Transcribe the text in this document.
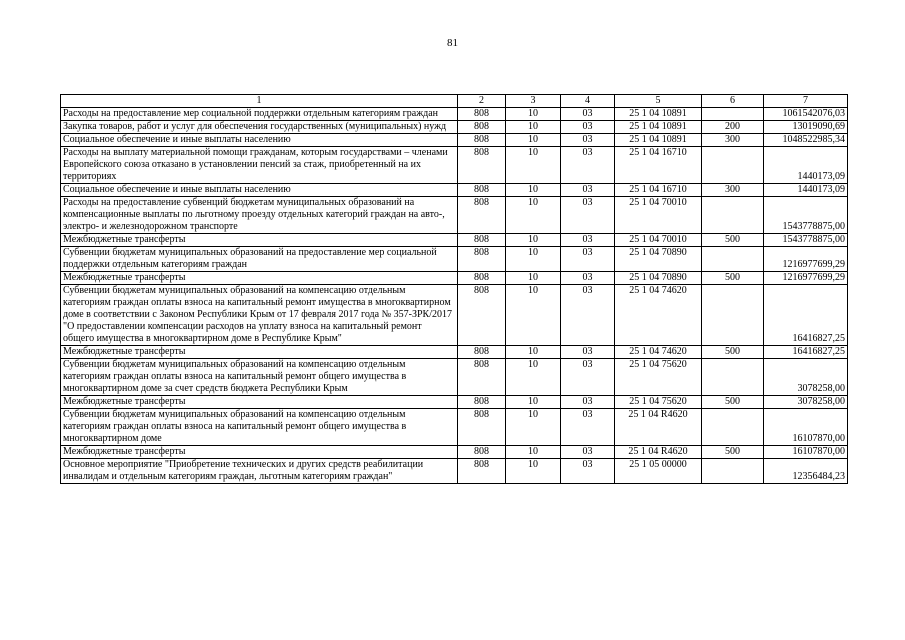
81
1	2	3	4	5	6	7
Расходы на предоставление мер социальной поддержки отдельным категориям граждан	808	10	03	25 1 04 10891		1061542076,03
Закупка товаров, работ и услуг для обеспечения государственных (муниципальных) нужд	808	10	03	25 1 04 10891	200	13019090,69
Социальное обеспечение и иные выплаты населению	808	10	03	25 1 04 10891	300	1048522985,34
Расходы на выплату материальной помощи гражданам, которым государствами – членами Европейского союза отказано в установлении пенсий за стаж, приобретенный на их территориях	808	10	03	25 1 04 16710		1440173,09
Социальное обеспечение и иные выплаты населению	808	10	03	25 1 04 16710	300	1440173,09
Расходы на предоставление субвенций бюджетам муниципальных образований на компенсационные выплаты по льготному проезду отдельных категорий граждан на авто-, электро- и железнодорожном транспорте	808	10	03	25 1 04 70010		1543778875,00
Межбюджетные трансферты	808	10	03	25 1 04 70010	500	1543778875,00
Субвенции бюджетам муниципальных образований на предоставление мер социальной поддержки отдельным категориям граждан	808	10	03	25 1 04 70890		1216977699,29
Межбюджетные трансферты	808	10	03	25 1 04 70890	500	1216977699,29
Субвенции бюджетам муниципальных образований на компенсацию отдельным категориям граждан оплаты взноса на капитальный ремонт имущества в многоквартирном доме в соответствии с Законом Республики Крым от 17 февраля 2017 года № 357-ЗРК/2017 "О предоставлении компенсации расходов на уплату взноса на капитальный ремонт общего имущества в многоквартирном доме в Республике Крым"	808	10	03	25 1 04 74620		16416827,25
Межбюджетные трансферты	808	10	03	25 1 04 74620	500	16416827,25
Субвенции бюджетам муниципальных образований на компенсацию отдельным категориям граждан оплаты взноса на капитальный ремонт общего имущества в многоквартирном доме за счет средств бюджета Республики Крым	808	10	03	25 1 04 75620		3078258,00
Межбюджетные трансферты	808	10	03	25 1 04 75620	500	3078258,00
Субвенции бюджетам муниципальных образований на компенсацию отдельным категориям граждан оплаты взноса на капитальный ремонт общего имущества в многоквартирном доме	808	10	03	25 1 04 R4620		16107870,00
Межбюджетные трансферты	808	10	03	25 1 04 R4620	500	16107870,00
Основное мероприятие "Приобретение технических и других средств реабилитации инвалидам и отдельным категориям граждан, льготным категориям граждан"	808	10	03	25 1 05 00000		12356484,23
